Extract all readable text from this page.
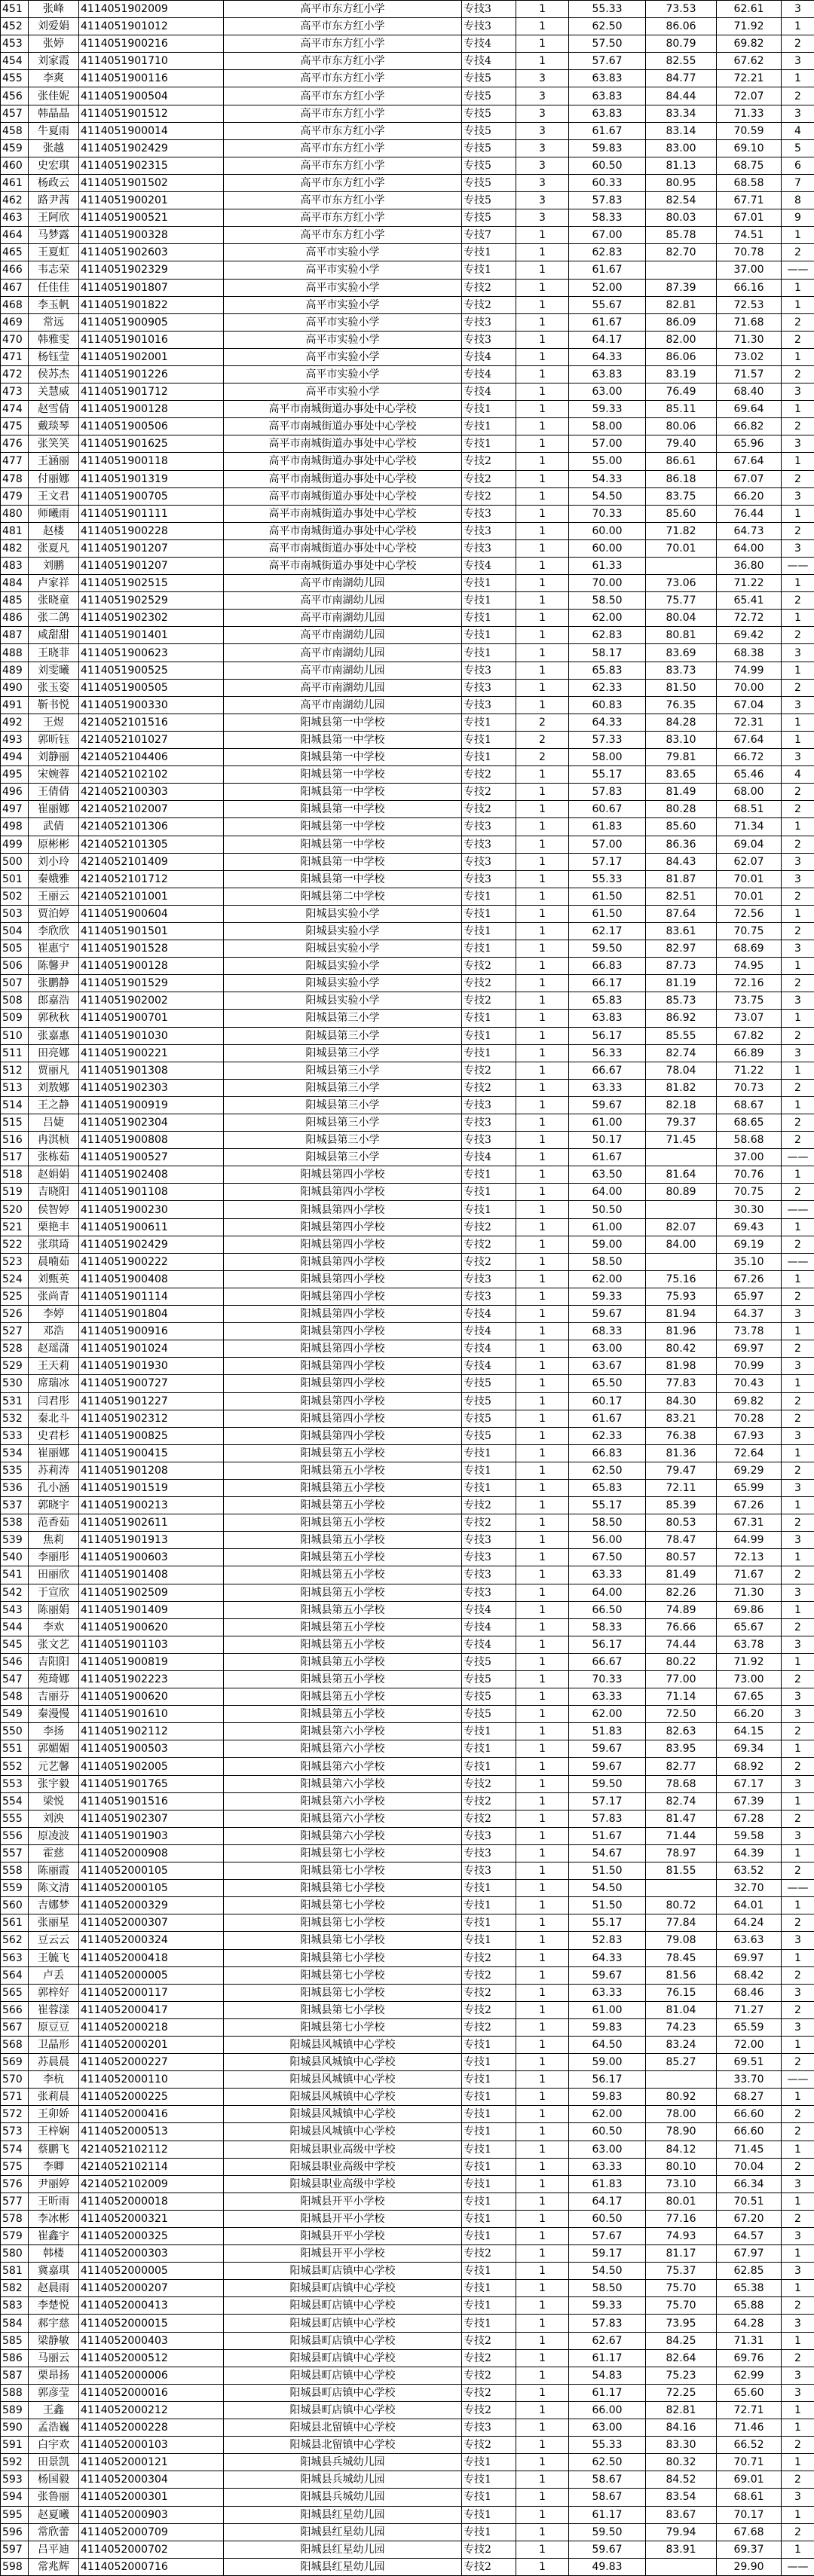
451	张峰	4114051902009	高平市东方红小学	专技3	1	55.33	73.53	62.61	3
452	刘爱娟	4114051901012	高平市东方红小学	专技3	1	62.50	86.06	71.92	1
453	张婷	4114051900216	高平市东方红小学	专技4	1	57.50	80.79	69.82	2
454	刘家霞	4114051901710	高平市东方红小学	专技4	1	57.67	82.55	67.62	3
455	李爽	4114051900116	高平市东方红小学	专技5	3	63.83	84.77	72.21	1
456	张佳妮	4114051900504	高平市东方红小学	专技5	3	63.83	84.44	72.07	2
457	韩晶晶	4114051901512	高平市东方红小学	专技5	3	63.83	83.34	71.33	3
458	牛夏雨	4114051900014	高平市东方红小学	专技5	3	61.67	83.14	70.59	4
459	张越	4114051902429	高平市东方红小学	专技5	3	59.83	83.00	69.10	5
460	史宏琪	4114051902315	高平市东方红小学	专技5	3	60.50	81.13	68.75	6
461	杨政云	4114051901502	高平市东方红小学	专技5	3	60.33	80.95	68.58	7
462	路尹茜	4114051900201	高平市东方红小学	专技5	3	57.83	82.54	67.71	8
463	王阿欣	4114051900521	高平市东方红小学	专技5	3	58.33	80.03	67.01	9
464	马梦露	4114051900328	高平市东方红小学	专技7	1	67.00	85.78	74.51	1
465	王夏虹	4114051902603	高平市实验小学	专技1	1	62.83	82.70	70.78	2
466	韦志荣	4114051902329	高平市实验小学	专技1	1	61.67		37.00	——
467	任佳佳	4114051901807	高平市实验小学	专技2	1	52.00	87.39	66.16	1
468	李玉帆	4114051901822	高平市实验小学	专技2	1	55.67	82.81	72.53	1
469	常远	4114051900905	高平市实验小学	专技3	1	61.67	86.09	71.68	2
470	韩雅雯	4114051901016	高平市实验小学	专技3	1	64.17	82.00	71.30	2
471	杨钰莹	4114051902001	高平市实验小学	专技4	1	64.33	86.06	73.02	1
472	侯苏杰	4114051901226	高平市实验小学	专技4	1	63.83	83.19	71.57	2
473	关慧威	4114051901712	高平市实验小学	专技4	1	63.00	76.49	68.40	3
474	赵雪倩	4114051900128	高平市南城街道办事处中心学校	专技1	1	59.33	85.11	69.64	1
475	戴琰琴	4114051900506	高平市南城街道办事处中心学校	专技1	1	58.00	80.06	66.82	2
476	张笑笑	4114051901625	高平市南城街道办事处中心学校	专技1	1	57.00	79.40	65.96	3
477	王涵丽	4114051900118	高平市南城街道办事处中心学校	专技2	1	55.00	86.61	67.64	1
478	付丽娜	4114051901319	高平市南城街道办事处中心学校	专技2	1	54.33	86.18	67.07	2
479	王文君	4114051900705	高平市南城街道办事处中心学校	专技2	1	54.50	83.75	66.20	3
480	师曦雨	4114051901111	高平市南城街道办事处中心学校	专技3	1	70.33	85.60	76.44	1
481	赵楼	4114051900228	高平市南城街道办事处中心学校	专技3	1	60.00	71.82	64.73	2
482	张夏凡	4114051901207	高平市南城街道办事处中心学校	专技3	1	60.00	70.01	64.00	3
483	刘鹏	4114051901207	高平市南城街道办事处中心学校	专技4	1	61.33		36.80	——
484	卢家祥	4114051902515	高平市南湖幼儿园	专技1	1	70.00	73.06	71.22	1
485	张晓童	4114051902529	高平市南湖幼儿园	专技1	1	58.50	75.77	65.41	2
486	张二鸽	4114051902302	高平市南湖幼儿园	专技1	1	62.00	80.04	72.72	1
487	咸甜甜	4114051901401	高平市南湖幼儿园	专技1	1	62.83	80.81	69.42	2
488	王晓菲	4114051900623	高平市南湖幼儿园	专技1	1	58.17	83.69	68.38	3
489	刘雯曦	4114051900525	高平市南湖幼儿园	专技3	1	65.83	83.73	74.99	1
490	张玉姿	4114051900505	高平市南湖幼儿园	专技3	1	62.33	81.50	70.00	2
491	靳书悦	4114051900330	高平市南湖幼儿园	专技3	1	60.83	76.35	67.04	3
492	王煜	4214052101516	阳城县第一中学校	专技1	2	64.33	84.28	72.31	1
493	郭昕钰	4214052101027	阳城县第一中学校	专技1	2	57.33	83.10	67.64	1
494	刘静丽	4214052104406	阳城县第一中学校	专技1	2	58.00	79.81	66.72	3
495	宋婉蓉	4214052102102	阳城县第一中学校	专技2	1	55.17	83.65	65.46	4
496	王倩倩	4214052100303	阳城县第一中学校	专技2	1	57.83	81.49	68.00	2
497	崔丽娜	4214052102007	阳城县第一中学校	专技2	1	60.67	80.28	68.51	2
498	武倩	4214052101306	阳城县第一中学校	专技3	1	61.83	85.60	71.34	1
499	原彬彬	4214052101305	阳城县第一中学校	专技3	1	57.00	86.36	69.04	2
500	刘小玲	4214052101409	阳城县第一中学校	专技3	1	57.17	84.43	62.07	3
501	秦娥雅	4214052101712	阳城县第一中学校	专技3	1	55.33	81.87	70.01	3
502	王丽云	4214052101001	阳城县第二中学校	专技1	1	61.50	82.51	70.01	2
503	贾泊婷	4114051900604	阳城县实验小学	专技1	1	61.50	87.64	72.56	1
504	李欣欣	4114051901501	阳城县实验小学	专技1	1	62.17	83.61	70.75	2
505	崔惠宁	4114051901528	阳城县实验小学	专技1	1	59.50	82.97	68.69	3
506	陈馨尹	4114051900128	阳城县实验小学	专技2	1	66.83	87.73	74.95	1
507	张鹏静	4114051901529	阳城县实验小学	专技2	1	66.17	81.19	72.16	2
508	郎嘉浩	4114051902002	阳城县实验小学	专技2	1	65.83	85.73	73.75	3
509	郭秋秋	4114051900701	阳城县第三小学	专技1	1	63.83	86.92	73.07	1
510	张嘉惠	4114051901030	阳城县第三小学	专技1	1	56.17	85.55	67.82	2
511	田亮娜	4114051900221	阳城县第三小学	专技1	1	56.33	82.74	66.89	3
512	贾丽凡	4114051901308	阳城县第三小学	专技2	1	66.67	78.04	71.22	1
513	刘敖娜	4114051902303	阳城县第三小学	专技2	1	63.33	81.82	70.73	2
514	王之静	4114051900919	阳城县第三小学	专技3	1	59.67	82.18	68.67	1
515	吕婕	4114051902304	阳城县第三小学	专技3	1	61.00	79.37	68.65	2
516	冉淇桢	4114051900808	阳城县第三小学	专技3	1	50.17	71.45	58.68	2
517	张栋茹	4114051900527	阳城县第三小学	专技4	1	61.67		37.00	——
518	赵娟娟	4114051902408	阳城县第四小学校	专技1	1	63.50	81.64	70.76	1
519	吉晓阳	4114051901108	阳城县第四小学校	专技1	1	64.00	80.89	70.75	2
520	侯智婷	4114051900230	阳城县第四小学校	专技1	1	50.50		30.30	——
521	栗艳丰	4114051900611	阳城县第四小学校	专技2	1	61.00	82.07	69.43	1
522	张琪琦	4114051902429	阳城县第四小学校	专技2	1	59.00	84.00	69.19	2
523	晨喃茹	4114051900222	阳城县第四小学校	专技2	1	58.50		35.10	——
524	刘甄英	4114051900408	阳城县第四小学校	专技3	1	62.00	75.16	67.26	1
525	张尚青	4114051901114	阳城县第四小学校	专技3	1	59.33	75.93	65.97	2
526	李婷	4114051901804	阳城县第四小学校	专技4	1	59.67	81.94	64.37	3
527	邓浩	4114051900916	阳城县第四小学校	专技4	1	68.33	81.96	73.78	1
528	赵瑶潇	4114051901024	阳城县第四小学校	专技4	1	63.00	80.42	69.97	2
529	王天莉	4114051901930	阳城县第四小学校	专技4	1	63.67	81.98	70.99	3
530	席瑞冰	4114051900727	阳城县第四小学校	专技5	1	65.50	77.83	70.43	1
531	闫君彤	4114051901227	阳城县第四小学校	专技5	1	60.17	84.30	69.82	2
532	秦北斗	4114051902312	阳城县第四小学校	专技5	1	61.67	83.21	70.28	2
533	史君杉	4114051900825	阳城县第四小学校	专技5	1	62.33	76.38	67.93	3
534	崔丽娜	4114051900415	阳城县第五小学校	专技1	1	66.83	81.36	72.64	1
535	苏莉涛	4114051901208	阳城县第五小学校	专技1	1	62.50	79.47	69.29	2
536	孔小涵	4114051901519	阳城县第五小学校	专技1	1	65.83	72.11	65.99	3
537	郭晓宇	4114051900213	阳城县第五小学校	专技2	1	55.17	85.39	67.26	1
538	范香茹	4114051902611	阳城县第五小学校	专技2	1	58.50	80.53	67.31	2
539	焦莉	4114051901913	阳城县第五小学校	专技3	1	56.00	78.47	64.99	3
540	李丽彤	4114051900603	阳城县第五小学校	专技3	1	67.50	80.57	72.13	1
541	田丽欣	4114051901408	阳城县第五小学校	专技3	1	63.33	81.49	71.67	2
542	于宣欣	4114051902509	阳城县第五小学校	专技3	1	64.00	82.26	71.30	3
543	陈丽娟	4114051901409	阳城县第五小学校	专技4	1	66.50	74.89	69.86	1
544	李欢	4114051900620	阳城县第五小学校	专技4	1	58.33	76.66	65.67	2
545	张文艺	4114051901103	阳城县第五小学校	专技4	1	56.17	74.44	63.78	3
546	吉阳阳	4114051900819	阳城县第五小学校	专技5	1	66.67	80.22	71.92	1
547	苑琦娜	4114051902223	阳城县第五小学校	专技5	1	70.33	77.00	73.00	2
548	吉丽芬	4114051900620	阳城县第五小学校	专技5	1	63.33	71.14	67.65	3
549	秦漫慢	4114051901610	阳城县第五小学校	专技5	1	62.00	72.50	66.20	3
550	李扬	4114051902112	阳城县第六小学校	专技1	1	51.83	82.63	64.15	2
551	郭媚媚	4114051900503	阳城县第六小学校	专技1	1	59.67	83.95	69.34	1
552	元艺馨	4114051902005	阳城县第六小学校	专技1	1	59.67	82.77	68.92	2
553	张宇毅	4114051901765	阳城县第六小学校	专技2	1	59.50	78.68	67.17	3
554	梁悦	4114051901516	阳城县第六小学校	专技2	1	57.17	82.74	67.39	1
555	刘泱	4114051902307	阳城县第六小学校	专技2	1	57.83	81.47	67.28	2
556	原凌波	4114051901903	阳城县第六小学校	专技3	1	51.67	71.44	59.58	3
557	霍慈	4114052000908	阳城县第七小学校	专技3	1	54.67	78.97	64.39	1
558	陈丽霞	4114052000105	阳城县第七小学校	专技3	1	51.50	81.55	63.52	2
559	陈文清	4114052000105	阳城县第七小学校	专技1	1	54.50		32.70	——
560	吉娜梦	4114052000329	阳城县第七小学校	专技1	1	51.50	80.72	64.01	1
561	张丽星	4114052000307	阳城县第七小学校	专技1	1	55.17	77.84	64.24	2
562	豆云云	4114052000324	阳城县第七小学校	专技1	1	52.83	79.08	63.63	3
563	王毓飞	4114052000418	阳城县第七小学校	专技2	1	64.33	78.45	69.97	1
564	卢丢	4114052000005	阳城县第七小学校	专技2	1	59.67	81.56	68.42	2
565	郭梓好	4114052000117	阳城县第七小学校	专技2	1	63.33	76.15	68.46	3
566	崔蓉漾	4114052000417	阳城县第七小学校	专技2	1	61.00	81.04	71.27	2
567	原豆豆	4114052000218	阳城县第七小学校	专技2	1	59.83	74.23	65.59	3
568	卫晶形	4114052000201	阳城县风城镇中心学校	专技1	1	64.50	83.24	72.00	1
569	苏晨晨	4114052000227	阳城县风城镇中心学校	专技1	1	59.00	85.27	69.51	2
570	李杭	4114052000110	阳城县风城镇中心学校	专技1	1	56.17		33.70	——
571	张莉晨	4114052000225	阳城县风城镇中心学校	专技1	1	59.83	80.92	68.27	1
572	王卯娇	4114052000416	阳城县风城镇中心学校	专技1	1	62.00	78.00	66.60	2
573	王梓娴	4114052000513	阳城县风城镇中心学校	专技1	1	60.50	78.90	66.60	2
574	蔡鹏飞	4214052102112	阳城县职业高级中学校	专技1	1	63.00	84.12	71.45	1
575	李卿	4214052102114	阳城县职业高级中学校	专技1	1	63.33	80.10	70.04	2
576	尹丽婷	4214052102009	阳城县职业高级中学校	专技1	1	61.83	73.10	66.34	3
577	王昕雨	4114052000018	阳城县开平小学校	专技1	1	64.17	80.01	70.51	1
578	李冰彬	4114052000321	阳城县开平小学校	专技1	1	60.50	77.16	67.20	2
579	崔鑫宇	4114052000325	阳城县开平小学校	专技1	1	57.67	74.93	64.57	3
580	韩楼	4114052000303	阳城县开平小学校	专技2	1	59.17	81.17	67.97	1
581	冀嘉琪	4114052000005	阳城县町店镇中心学校	专技1	1	54.50	75.37	62.85	3
582	赵晨雨	4114052000207	阳城县町店镇中心学校	专技1	1	58.50	75.70	65.38	1
583	李楚悦	4114052000413	阳城县町店镇中心学校	专技1	1	59.33	75.70	65.88	2
584	郝宇慈	4114052000015	阳城县町店镇中心学校	专技1	1	57.83	73.95	64.28	3
585	梁静敏	4114052000403	阳城县町店镇中心学校	专技2	1	62.67	84.25	71.31	1
586	马丽云	4114052000512	阳城县町店镇中心学校	专技2	1	61.17	82.64	69.76	2
587	栗昂扬	4114052000006	阳城县町店镇中心学校	专技2	1	54.83	75.23	62.99	3
588	郭彦莹	4114052000016	阳城县町店镇中心学校	专技2	1	61.17	72.25	65.60	3
589	王鑫	4114052000212	阳城县町店镇中心学校	专技2	1	66.00	82.81	72.71	1
590	孟浩巍	4114052000228	阳城县北留镇中心学校	专技3	1	63.00	84.16	71.46	1
591	白宇欢	4114052000103	阳城县北留镇中心学校	专技2	1	55.33	83.30	66.52	2
592	田景凯	4114052000121	阳城县兵城幼儿园	专技1	1	62.50	80.32	70.71	1
593	杨国毅	4114052000304	阳城县兵城幼儿园	专技1	1	58.67	84.52	69.01	2
594	张鲁丽	4114052000301	阳城县兵城幼儿园	专技1	1	58.67	83.54	68.61	3
595	赵夏曦	4114052000903	阳城县红星幼儿园	专技1	1	61.17	83.67	70.17	1
596	常欣蕾	4114052000709	阳城县红星幼儿园	专技1	1	59.50	79.94	67.68	2
597	吕平迪	4114052000702	阳城县红星幼儿园	专技2	1	59.67	83.91	69.37	1
598	常兆辉	4114052000716	阳城县红星幼儿园	专技2	1	49.83		29.90	——
